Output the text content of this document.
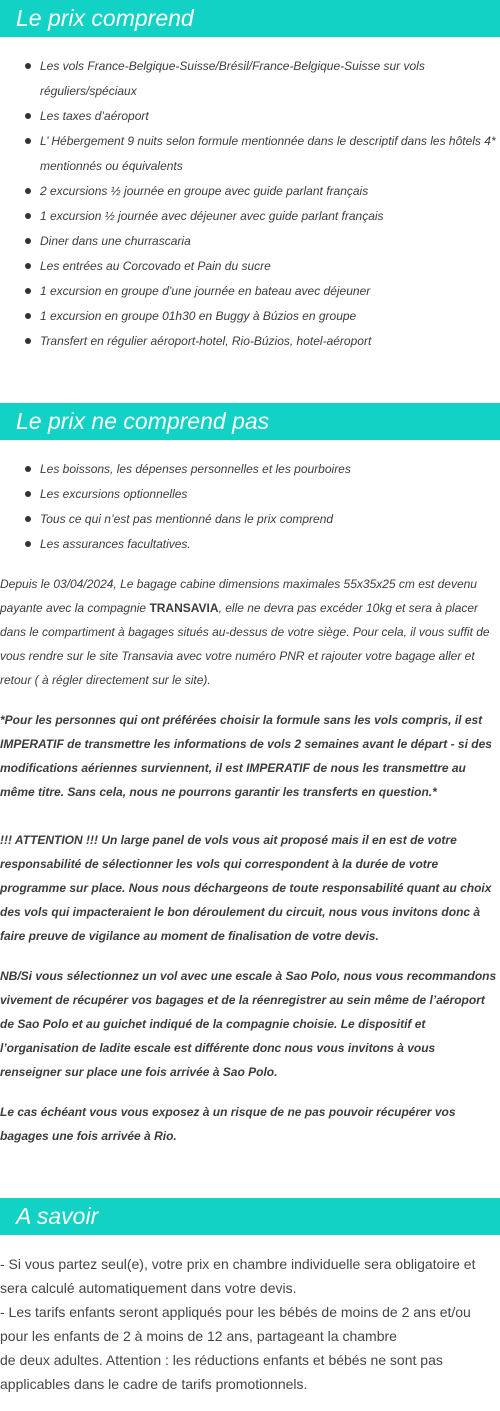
Le prix comprend
Les vols France-Belgique-Suisse/Brésil/France-Belgique-Suisse sur vols réguliers/spéciaux
Les taxes d’aéroport
L’ Hébergement 9 nuits selon formule mentionnée dans le descriptif dans les hôtels 4* mentionnés ou équivalents
2 excursions ½ journée en groupe avec guide parlant français
1 excursion ½ journée avec déjeuner avec guide parlant français
Diner dans une churrascaria
Les entrées au Corcovado et Pain du sucre
1 excursion en groupe d’une journée en bateau avec déjeuner
1 excursion en groupe 01h30 en Buggy à Búzios en groupe
Transfert en régulier aéroport-hotel, Rio-Búzios, hotel-aéroport
Le prix ne comprend pas
Les boissons, les dépenses personnelles et les pourboires
Les excursions optionnelles
Tous ce qui n’est pas mentionné dans le prix comprend
Les assurances facultatives.

Depuis le 03/04/2024, Le bagage cabine dimensions maximales 55x35x25 cm est devenu payante avec la compagnie TRANSAVIA, elle ne devra pas excéder 10kg et sera à placer dans le compartiment à bagages situés au-dessus de votre siège. Pour cela, il vous suffit de vous rendre sur le site Transavia avec votre numéro PNR et rajouter votre bagage aller et retour ( à régler directement sur le site).

*Pour les personnes qui ont préférées choisir la formule sans les vols compris, il est IMPERATIF de transmettre les informations de vols 2 semaines avant le départ - si des modifications aériennes surviennent, il est IMPERATIF de nous les transmettre au même titre. Sans cela, nous ne pourrons garantir les transferts en question.*

!!! ATTENTION !!! Un large panel de vols vous ait proposé mais il en est de votre responsabilité de sélectionner les vols qui correspondent à la durée de votre programme sur place. Nous nous déchargeons de toute responsabilité quant au choix des vols qui impacteraient le bon déroulement du circuit, nous vous invitons donc à faire preuve de vigilance au moment de finalisation de votre devis.

NB/Si vous sélectionnez un vol avec une escale à Sao Polo, nous vous recommandons vivement de récupérer vos bagages et de la réenregistrer au sein même de l’aéroport de Sao Polo et au guichet indiqué de la compagnie choisie. Le dispositif et l’organisation de ladite escale est différente donc nous vous invitons à vous renseigner sur place une fois arrivée à Sao Polo.

Le cas échéant vous vous exposez à un risque de ne pas pouvoir récupérer vos bagages une fois arrivée à Rio.

A savoir

- Si vous partez seul(e), votre prix en chambre individuelle sera obligatoire et sera calculé automatiquement dans votre devis.

- Les tarifs enfants seront appliqués pour les bébés de moins de 2 ans et/ou pour les enfants de 2 à moins de 12 ans, partageant la chambre

de deux adultes. Attention : les réductions enfants et bébés ne sont pas applicables dans le cadre de tarifs promotionnels.
